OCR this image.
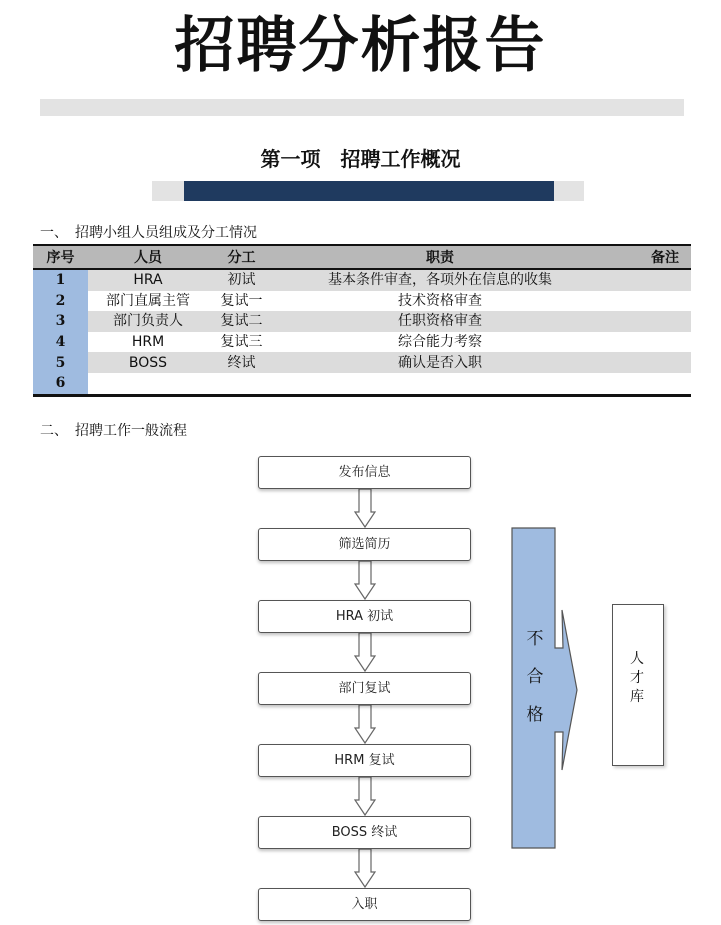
招聘分析报告
第一项　招聘工作概况
一、　招聘小组人员组成及分工情况
序号	人员	分工	职责	备注
1	HRA	初试	基本条件审查，各项外在信息的收集	
2	部门直属主管	复试一	技术资格审查	
3	部门负责人	复试二	任职资格审查	
4	HRM	复试三	综合能力考察	
5	BOSS	终试	确认是否入职	
6				
二、　招聘工作一般流程
发布信息
筛选简历
HRA 初试
部门复试
HRM 复试
BOSS 终试
入职
不
合
格
人
才
库
